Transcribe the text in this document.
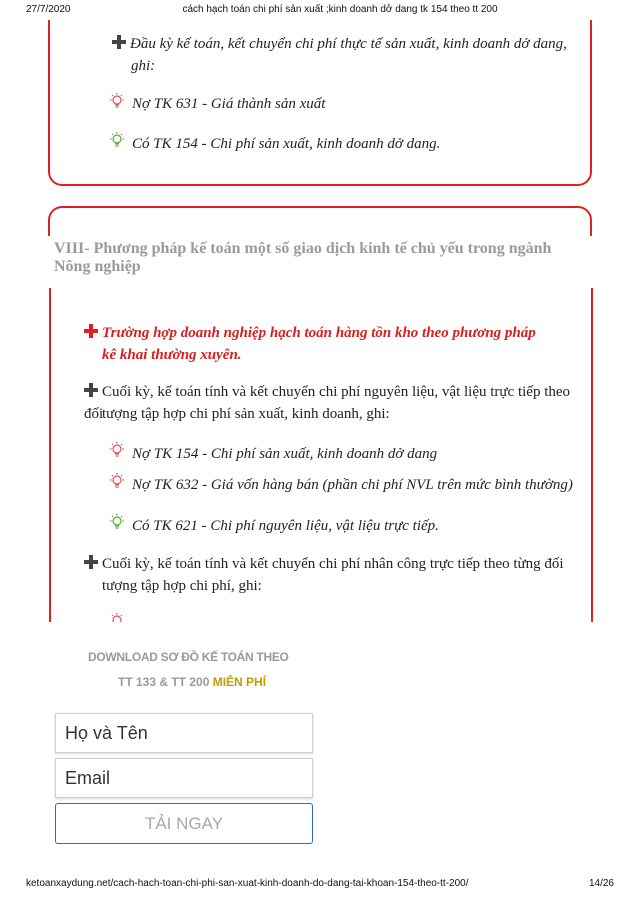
27/7/2020	cách hạch toán chi phí sản xuất ;kinh doanh dở dang tk 154 theo tt 200
Đầu kỳ kế toán, kết chuyển chi phí thực tế sản xuất, kinh doanh dở dang,
ghi:
Nợ TK 631 - Giá thành sản xuất
Có TK 154 - Chi phí sản xuất, kinh doanh dở dang.
VIII- Phương pháp kế toán một số giao dịch kinh tế chủ yếu trong ngành
Nông nghiệp
Trường hợp doanh nghiệp hạch toán hàng tồn kho theo phương pháp
kê khai thường xuyên.
Cuối kỳ, kế toán tính và kết chuyển chi phí nguyên liệu, vật liệu trực tiếp theo đối
tượng tập hợp chi phí sản xuất, kinh doanh, ghi:
Nợ TK 154 - Chi phí sản xuất, kinh doanh dở dang
Nợ TK 632 - Giá vốn hàng bán (phần chi phí NVL trên mức bình thường)
Có TK 621 - Chi phí nguyên liệu, vật liệu trực tiếp.
Cuối kỳ, kế toán tính và kết chuyển chi phí nhân công trực tiếp theo từng đối
tượng tập hợp chi phí, ghi:
DOWNLOAD SƠ ĐỒ KẾ TOÁN THEO
TT 133 & TT 200 MIỄN PHÍ
Họ và Tên
Email
TẢI NGAY
ketoanxaydung.net/cach-hach-toan-chi-phi-san-xuat-kinh-doanh-do-dang-tai-khoan-154-theo-tt-200/	14/26
